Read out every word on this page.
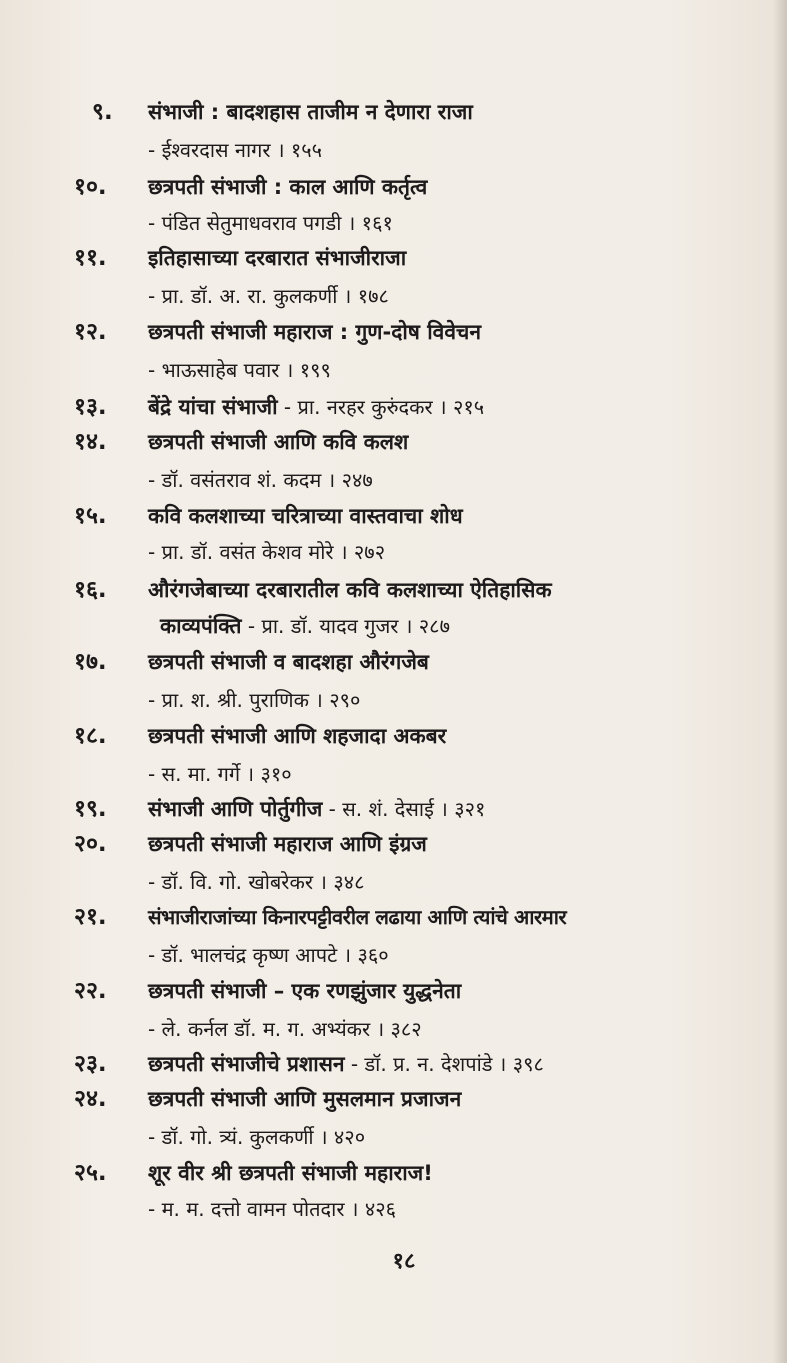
९.	संभाजी : बादशहास ताजीम न देणारा राजा
- ईश्वरदास नागर । १५५
१०.	छत्रपती संभाजी : काल आणि कर्तृत्व
- पंडित सेतुमाधवराव पगडी । १६१
११.	इतिहासाच्या दरबारात संभाजीराजा
- प्रा. डॉ. अ. रा. कुलकर्णी । १७८
१२.	छत्रपती संभाजी महाराज : गुण-दोष विवेचन
- भाऊसाहेब पवार । १९९
१३.	बेंद्रे यांचा संभाजी - प्रा. नरहर कुरुंदकर । २१५
१४.	छत्रपती संभाजी आणि कवि कलश
- डॉ. वसंतराव शं. कदम । २४७
१५.	कवि कलशाच्या चरित्राच्या वास्तवाचा शोध
- प्रा. डॉ. वसंत केशव मोरे । २७२
१६.	औरंगजेबाच्या दरबारातील कवि कलशाच्या ऐतिहासिक
काव्यपंक्ति - प्रा. डॉ. यादव गुजर । २८७
१७.	छत्रपती संभाजी व बादशहा औरंगजेब
- प्रा. श. श्री. पुराणिक । २९०
१८.	छत्रपती संभाजी आणि शहजादा अकबर
- स. मा. गर्गे । ३१०
१९.	संभाजी आणि पोर्तुगीज - स. शं. देसाई । ३२१
२०.	छत्रपती संभाजी महाराज आणि इंग्रज
- डॉ. वि. गो. खोबरेकर । ३४८
२१.	संभाजीराजांच्या किनारपट्टीवरील लढाया आणि त्यांचे आरमार
- डॉ. भालचंद्र कृष्ण आपटे । ३६०
२२.	छत्रपती संभाजी – एक रणझुंजार युद्धनेता
- ले. कर्नल डॉ. म. ग. अभ्यंकर । ३८२
२३.	छत्रपती संभाजीचे प्रशासन - डॉ. प्र. न. देशपांडे । ३९८
२४.	छत्रपती संभाजी आणि मुसलमान प्रजाजन
- डॉ. गो. त्र्यं. कुलकर्णी । ४२०
२५.	शूर वीर श्री छत्रपती संभाजी महाराज!
- म. म. दत्तो वामन पोतदार । ४२६
१८
